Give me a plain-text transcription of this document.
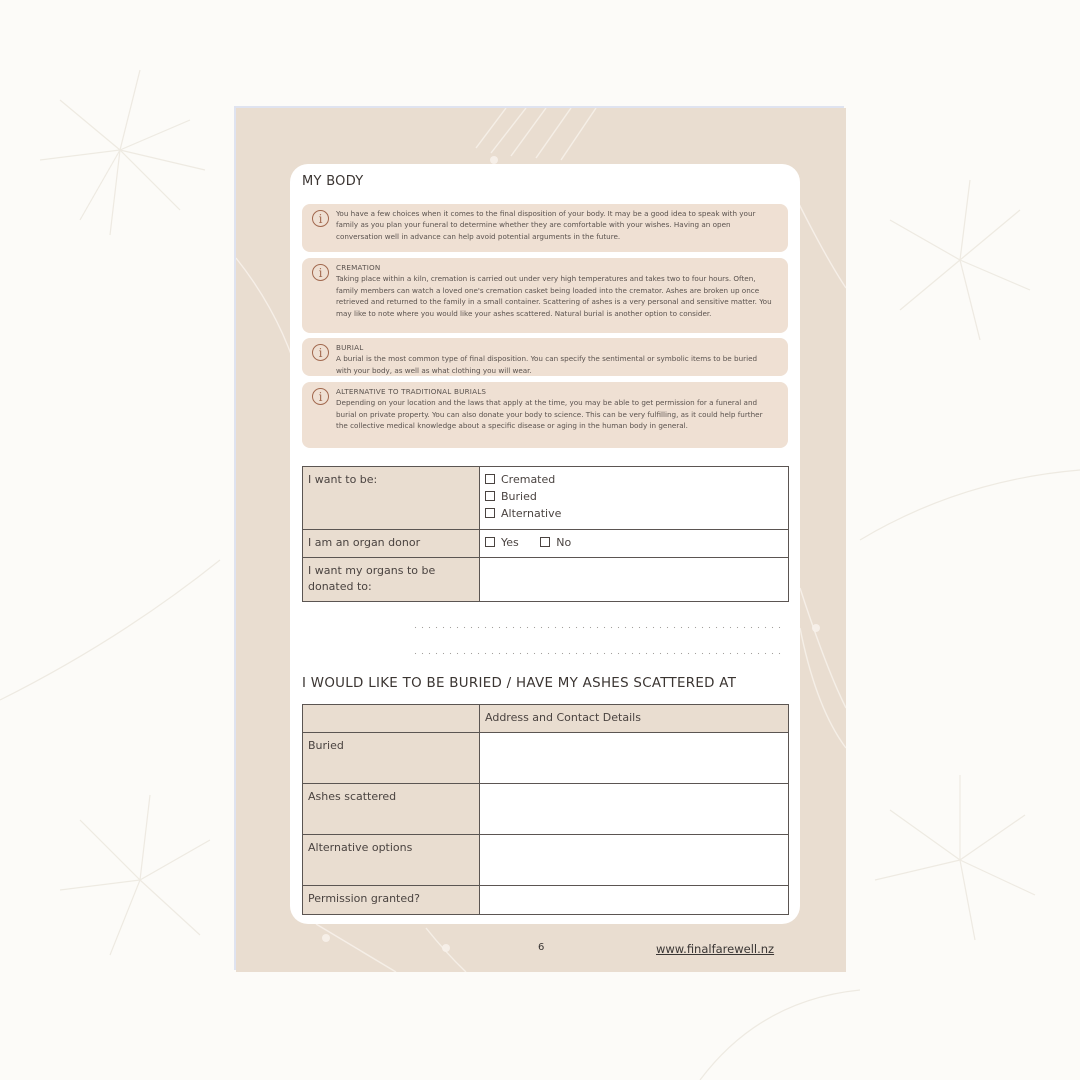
MY BODY
i	You have a few choices when it comes to the final disposition of your body. It may be a good idea to speak with your family as you plan your funeral to determine whether they are comfortable with your wishes. Having an open conversation well in advance can help avoid potential arguments in the future.
i	CREMATION
Taking place within a kiln, cremation is carried out under very high temperatures and takes two to four hours. Often, family members can watch a loved one's cremation casket being loaded into the cremator. Ashes are broken up once retrieved and returned to the family in a small container. Scattering of ashes is a very personal and sensitive matter. You may like to note where you would like your ashes scattered. Natural burial is another option to consider.
i	BURIAL
A burial is the most common type of final disposition. You can specify the sentimental or symbolic items to be buried with your body, as well as what clothing you will wear.
i	ALTERNATIVE TO TRADITIONAL BURIALS
Depending on your location and the laws that apply at the time, you may be able to get permission for a funeral and burial on private property. You can also donate your body to science. This can be very fulfilling, as it could help further the collective medical knowledge about a specific disease or aging in the human body in general.
I want to be:	Cremated
Buried
Alternative

I am an organ donor	Yes No
I want my organs to be donated to:	
I WOULD LIKE TO BE BURIED / HAVE MY ASHES SCATTERED AT
	Address and Contact Details
Buried	
Ashes scattered	
Alternative options	
Permission granted?	
6	www.finalfarewell.nz
